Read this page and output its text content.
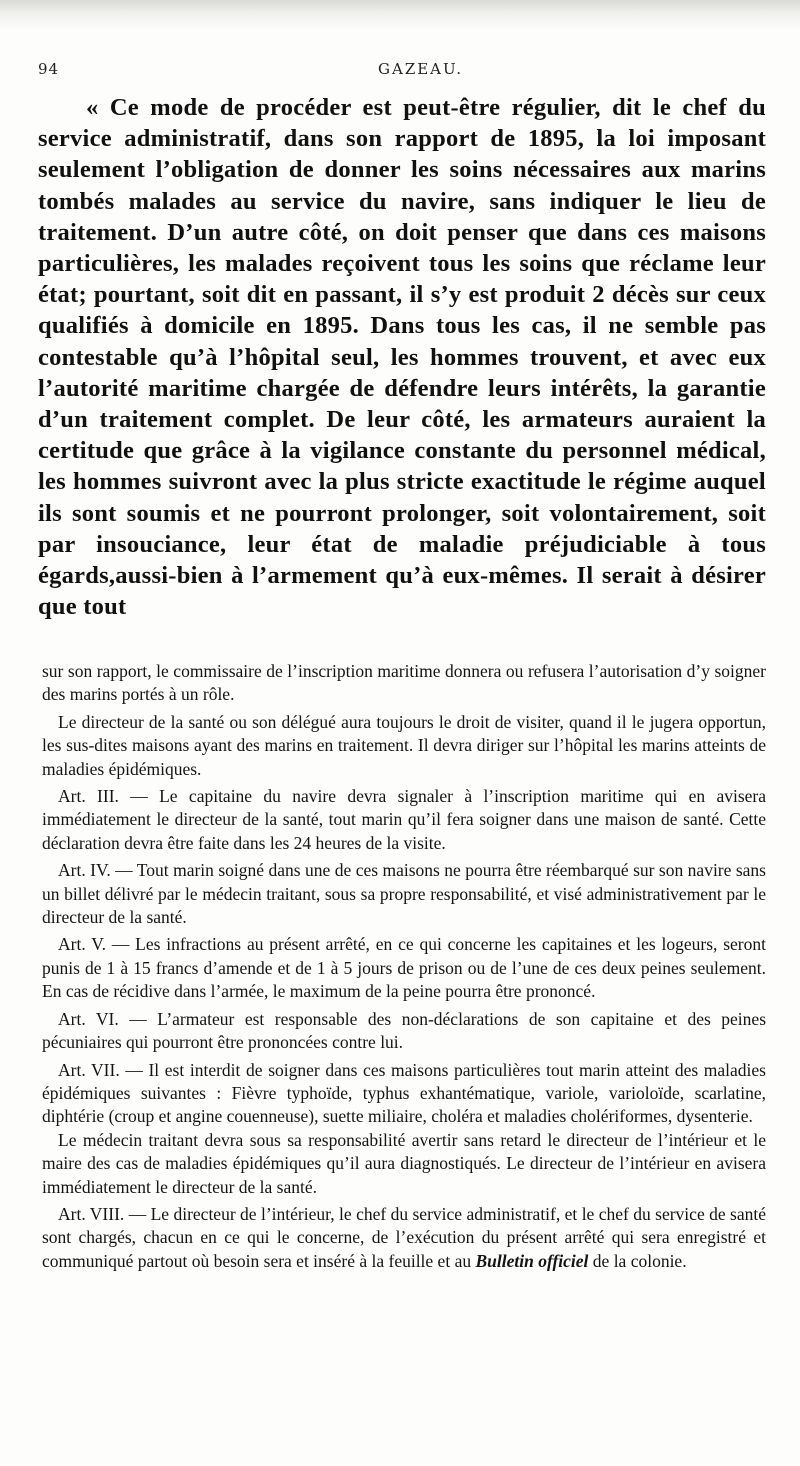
94	GAZEAU.

« Ce mode de procéder est peut-être régulier, dit le chef du service administratif, dans son rapport de 1895, la loi imposant seulement l’obligation de donner les soins nécessaires aux marins tombés malades au service du navire, sans indiquer le lieu de traitement. D’un autre côté, on doit penser que dans ces maisons particulières, les malades reçoivent tous les soins que réclame leur état; pourtant, soit dit en passant, il s’y est produit 2 décès sur ceux qualifiés à domicile en 1895. Dans tous les cas, il ne semble pas contestable qu’à l’hôpital seul, les hommes trouvent, et avec eux l’autorité maritime chargée de défendre leurs intérêts, la garantie d’un traitement complet. De leur côté, les armateurs auraient la certitude que grâce à la vigilance constante du personnel médical, les hommes suivront avec la plus stricte exactitude le régime auquel ils sont soumis et ne pourront prolonger, soit volontairement, soit par insouciance, leur état de maladie préjudiciable à tous égards,aussi-bien à l’armement qu’à eux-mêmes. Il serait à désirer que tout

sur son rapport, le commissaire de l’inscription maritime donnera ou refusera l’autorisation d’y soigner des marins portés à un rôle.

Le directeur de la santé ou son délégué aura toujours le droit de visiter, quand il le jugera opportun, les sus-dites maisons ayant des marins en traitement. Il devra diriger sur l’hôpital les marins atteints de maladies épidémiques.

Art. III. — Le capitaine du navire devra signaler à l’inscription maritime qui en avisera immédiatement le directeur de la santé, tout marin qu’il fera soigner dans une maison de santé. Cette déclaration devra être faite dans les 24 heures de la visite.

Art. IV. — Tout marin soigné dans une de ces maisons ne pourra être réembarqué sur son navire sans un billet délivré par le médecin traitant, sous sa propre responsabilité, et visé administrativement par le directeur de la santé.

Art. V. — Les infractions au présent arrêté, en ce qui concerne les capitaines et les logeurs, seront punis de 1 à 15 francs d’amende et de 1 à 5 jours de prison ou de l’une de ces deux peines seulement. En cas de récidive dans l’armée, le maximum de la peine pourra être prononcé.

Art. VI. — L’armateur est responsable des non-déclarations de son capitaine et des peines pécuniaires qui pourront être prononcées contre lui.

Art. VII. — Il est interdit de soigner dans ces maisons particulières tout marin atteint des maladies épidémiques suivantes : Fièvre typhoïde, typhus exhantématique, variole, varioloïde, scarlatine, diphtérie (croup et angine couenneuse), suette miliaire, choléra et maladies cholériformes, dysenterie.

Le médecin traitant devra sous sa responsabilité avertir sans retard le directeur de l’intérieur et le maire des cas de maladies épidémiques qu’il aura diagnostiqués. Le directeur de l’intérieur en avisera immédiatement le directeur de la santé.

Art. VIII. — Le directeur de l’intérieur, le chef du service administratif, et le chef du service de santé sont chargés, chacun en ce qui le concerne, de l’exécution du présent arrêté qui sera enregistré et communiqué partout où besoin sera et inséré à la feuille et au Bulletin officiel de la colonie.
